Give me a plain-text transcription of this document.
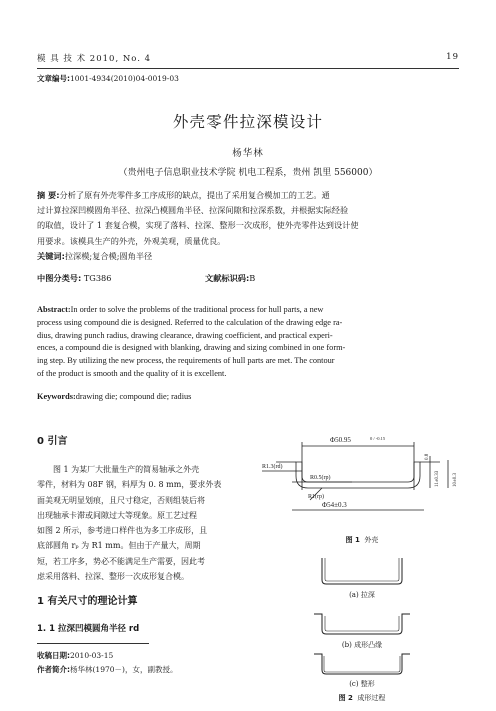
模 具 技 术 2010, No. 4	19
文章编号:1001-4934(2010)04-0019-03
外壳零件拉深模设计
杨华林
（贵州电子信息职业技术学院 机电工程系，贵州 凯里 556000）
摘 要:分析了原有外壳零件多工序成形的缺点，提出了采用复合模加工的工艺。通
过计算拉深凹模圆角半径、拉深凸模圆角半径、拉深间隙和拉深系数，并根据实际经验
的取值，设计了 1 套复合模，实现了落料、拉深、整形一次成形，使外壳零件达到设计使
用要求。该模具生产的外壳，外观美观，质量优良。
关键词:拉深模;复合模;圆角半径
中图分类号: TG386	文献标识码:B
Abstract:In order to solve the problems of the traditional process for hull parts, a new
process using compound die is designed. Referred to the calculation of the drawing edge ra-
dius, drawing punch radius, drawing clearance, drawing coefficient, and practical experi-
ences, a compound die is designed with blanking, drawing and sizing combined in one form-
ing step. By utilizing the new process, the requirements of hull parts are met. The contour
of the product is smooth and the quality of it is excellent.
Keywords:drawing die; compound die; radius
0 引言
图 1 为某厂大批量生产的简易轴承之外壳
零件，材料为 08F 钢，料厚为 0. 8 mm，要求外表
面美观无明显划痕，且尺寸稳定，否则组装后将
出现轴承卡滞或间隙过大等现象。原工艺过程
如图 2 所示，参考进口样件也为多工序成形，且
底部圆角 rₚ 为 R1 mm。但由于产量大，周期
短，若工序多，势必不能满足生产需要，因此考
虑采用落料、拉深、整形一次成形复合模。
1 有关尺寸的理论计算
1. 1 拉深凹模圆角半径 rd
收稿日期:2010-03-15
作者简介:杨华林(1970－)，女，副教授。
Φ50.95	0 / -0.15
R1.3(rd)
R0.5(rp)
R1(rp)
Φ54±0.3
0.8
11±0.33	10±0.3
图 1 外壳
(a) 拉深
(b) 成形凸缘
(c) 整形
图 2 成形过程
